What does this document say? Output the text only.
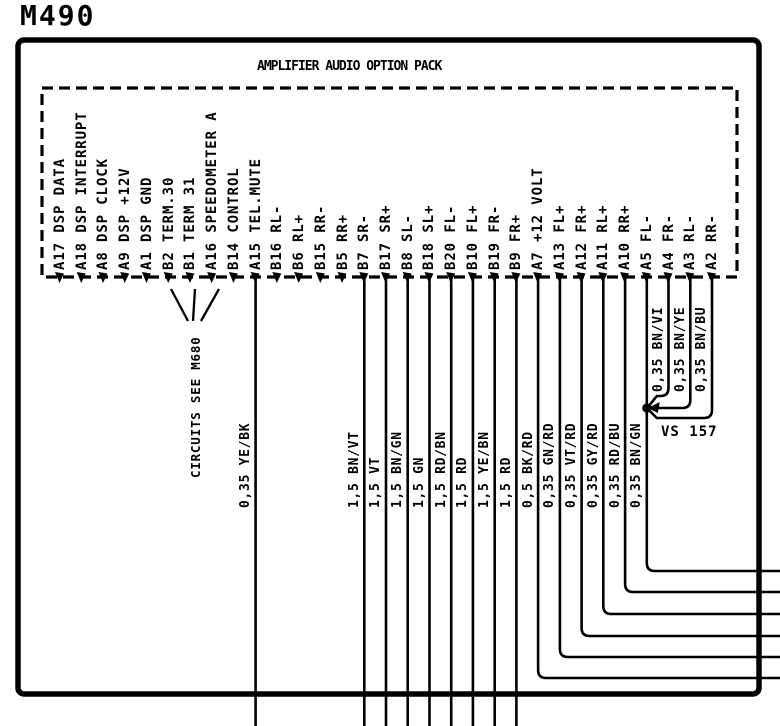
M490
AMPLIFIER AUDIO OPTION PACK
VS 157
A17 DSP DATA A18 DSP INTERRUPT A8 DSP CLOCK A9 DSP +12V A1 DSP GND B2 TERM.30 B1 TERM 31 A16 SPEEDOMETER A B14 CONTROL A15 TEL.MUTE B16 RL- B6 RL+ B15 RR- B5 RR+ B7 SR- B17 SR+ B8 SL- B18 SL+ B20 FL- B10 FL+ B19 FR- B9 FR+ A7 +12 VOLT A13 FL+ A12 FR+ A11 RL+ A10 RR+ A5 FL- A4 FR- A3 RL- A2 RR-
0,35 YE/BK	1,5 BN/VT 1,5 VT 1,5 BN/GN 1,5 GN 1,5 RD/BN 1,5 RD 1,5 YE/BN 1,5 RD 0,5 BK/RD 0,35 GN/RD 0,35 VT/RD 0,35 GY/RD 0,35 RD/BU 0,35 BN/GN
0,35 BN/VI 0,35 BN/YE 0,35 BN/BU
CIRCUITS SEE M680
